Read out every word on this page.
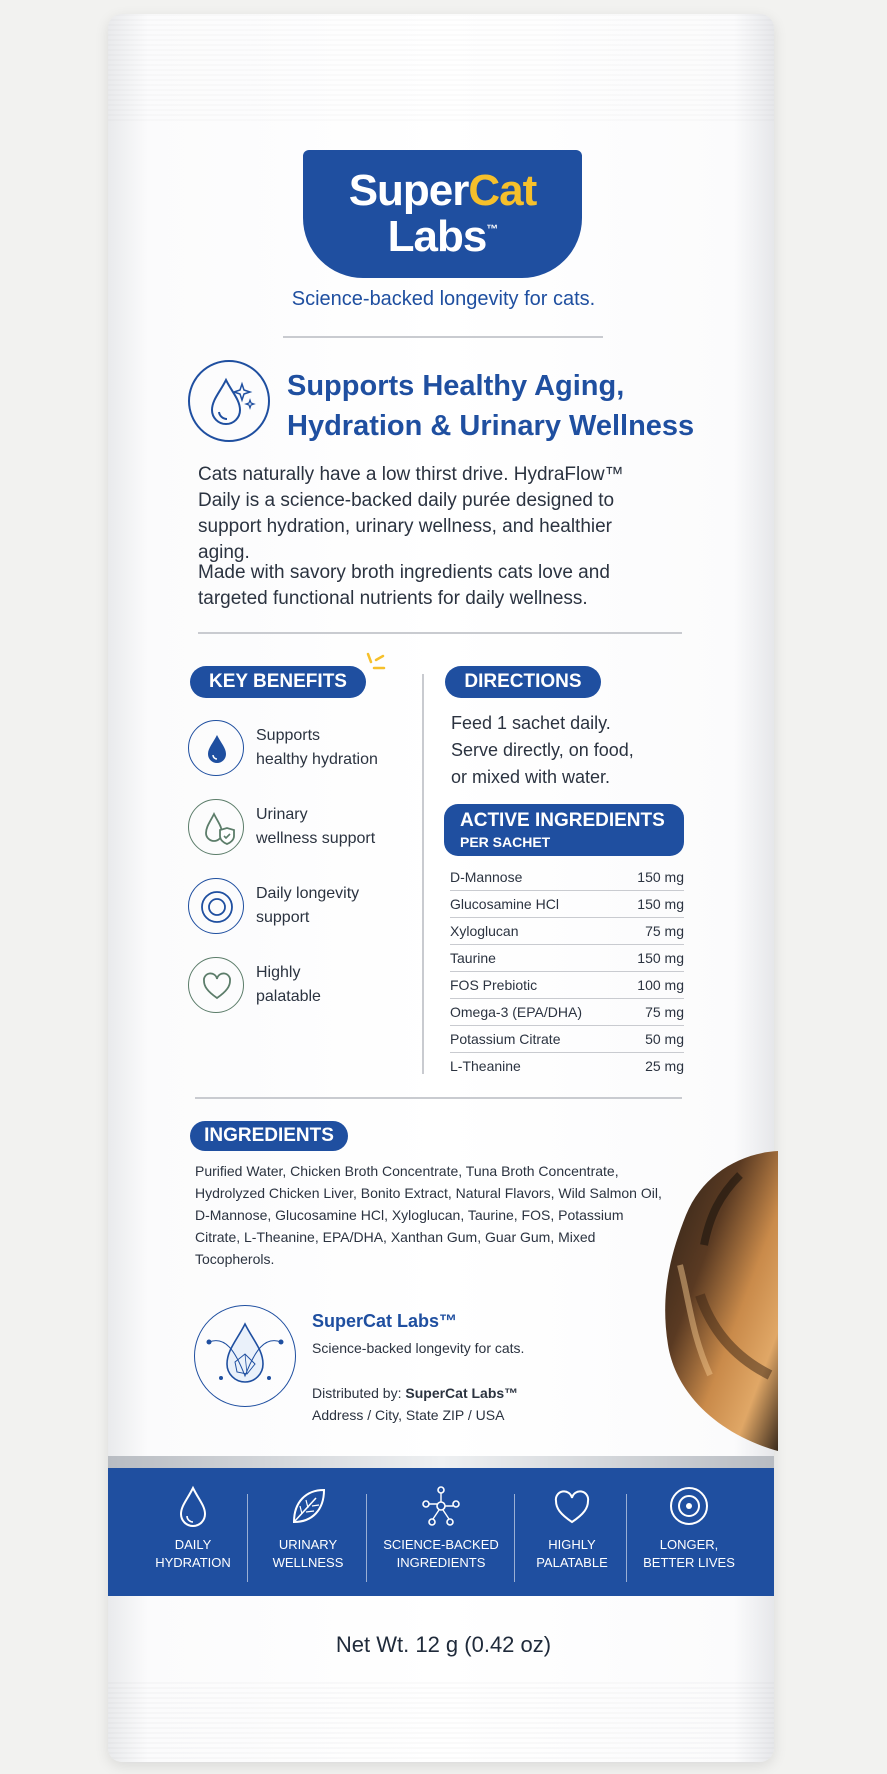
SuperCat
Labs™
Science-backed longevity for cats.
Supports Healthy Aging,
Hydration & Urinary Wellness

Cats naturally have a low thirst drive. HydraFlow™ Daily is a science-backed daily purée designed to support hydration, urinary wellness, and healthier aging.

Made with savory broth ingredients cats love and targeted functional nutrients for daily wellness.

KEY BENEFITS
Supports
healthy hydration
Urinary
wellness support
Daily longevity
support
Highly
palatable
DIRECTIONS
Feed 1 sachet daily.
Serve directly, on food,
or mixed with water.
ACTIVE INGREDIENTS
PER SACHET
D-Mannose	150 mg
Glucosamine HCl	150 mg
Xyloglucan	75 mg
Taurine	150 mg
FOS Prebiotic	100 mg
Omega-3 (EPA/DHA)	75 mg
Potassium Citrate	50 mg
L-Theanine	25 mg
INGREDIENTS

Purified Water, Chicken Broth Concentrate, Tuna Broth Concentrate, Hydrolyzed Chicken Liver, Bonito Extract, Natural Flavors, Wild Salmon Oil, D-Mannose, Glucosamine HCl, Xyloglucan, Taurine, FOS, Potassium Citrate, L-Theanine, EPA/DHA, Xanthan Gum, Guar Gum, Mixed Tocopherols.

SuperCat Labs™
Science-backed longevity for cats.
Distributed by: SuperCat Labs™
Address / City, State ZIP / USA
DAILY
HYDRATION
URINARY
WELLNESS
SCIENCE-BACKED
INGREDIENTS
HIGHLY
PALATABLE
LONGER,
BETTER LIVES
Net Wt. 12 g (0.42 oz)
